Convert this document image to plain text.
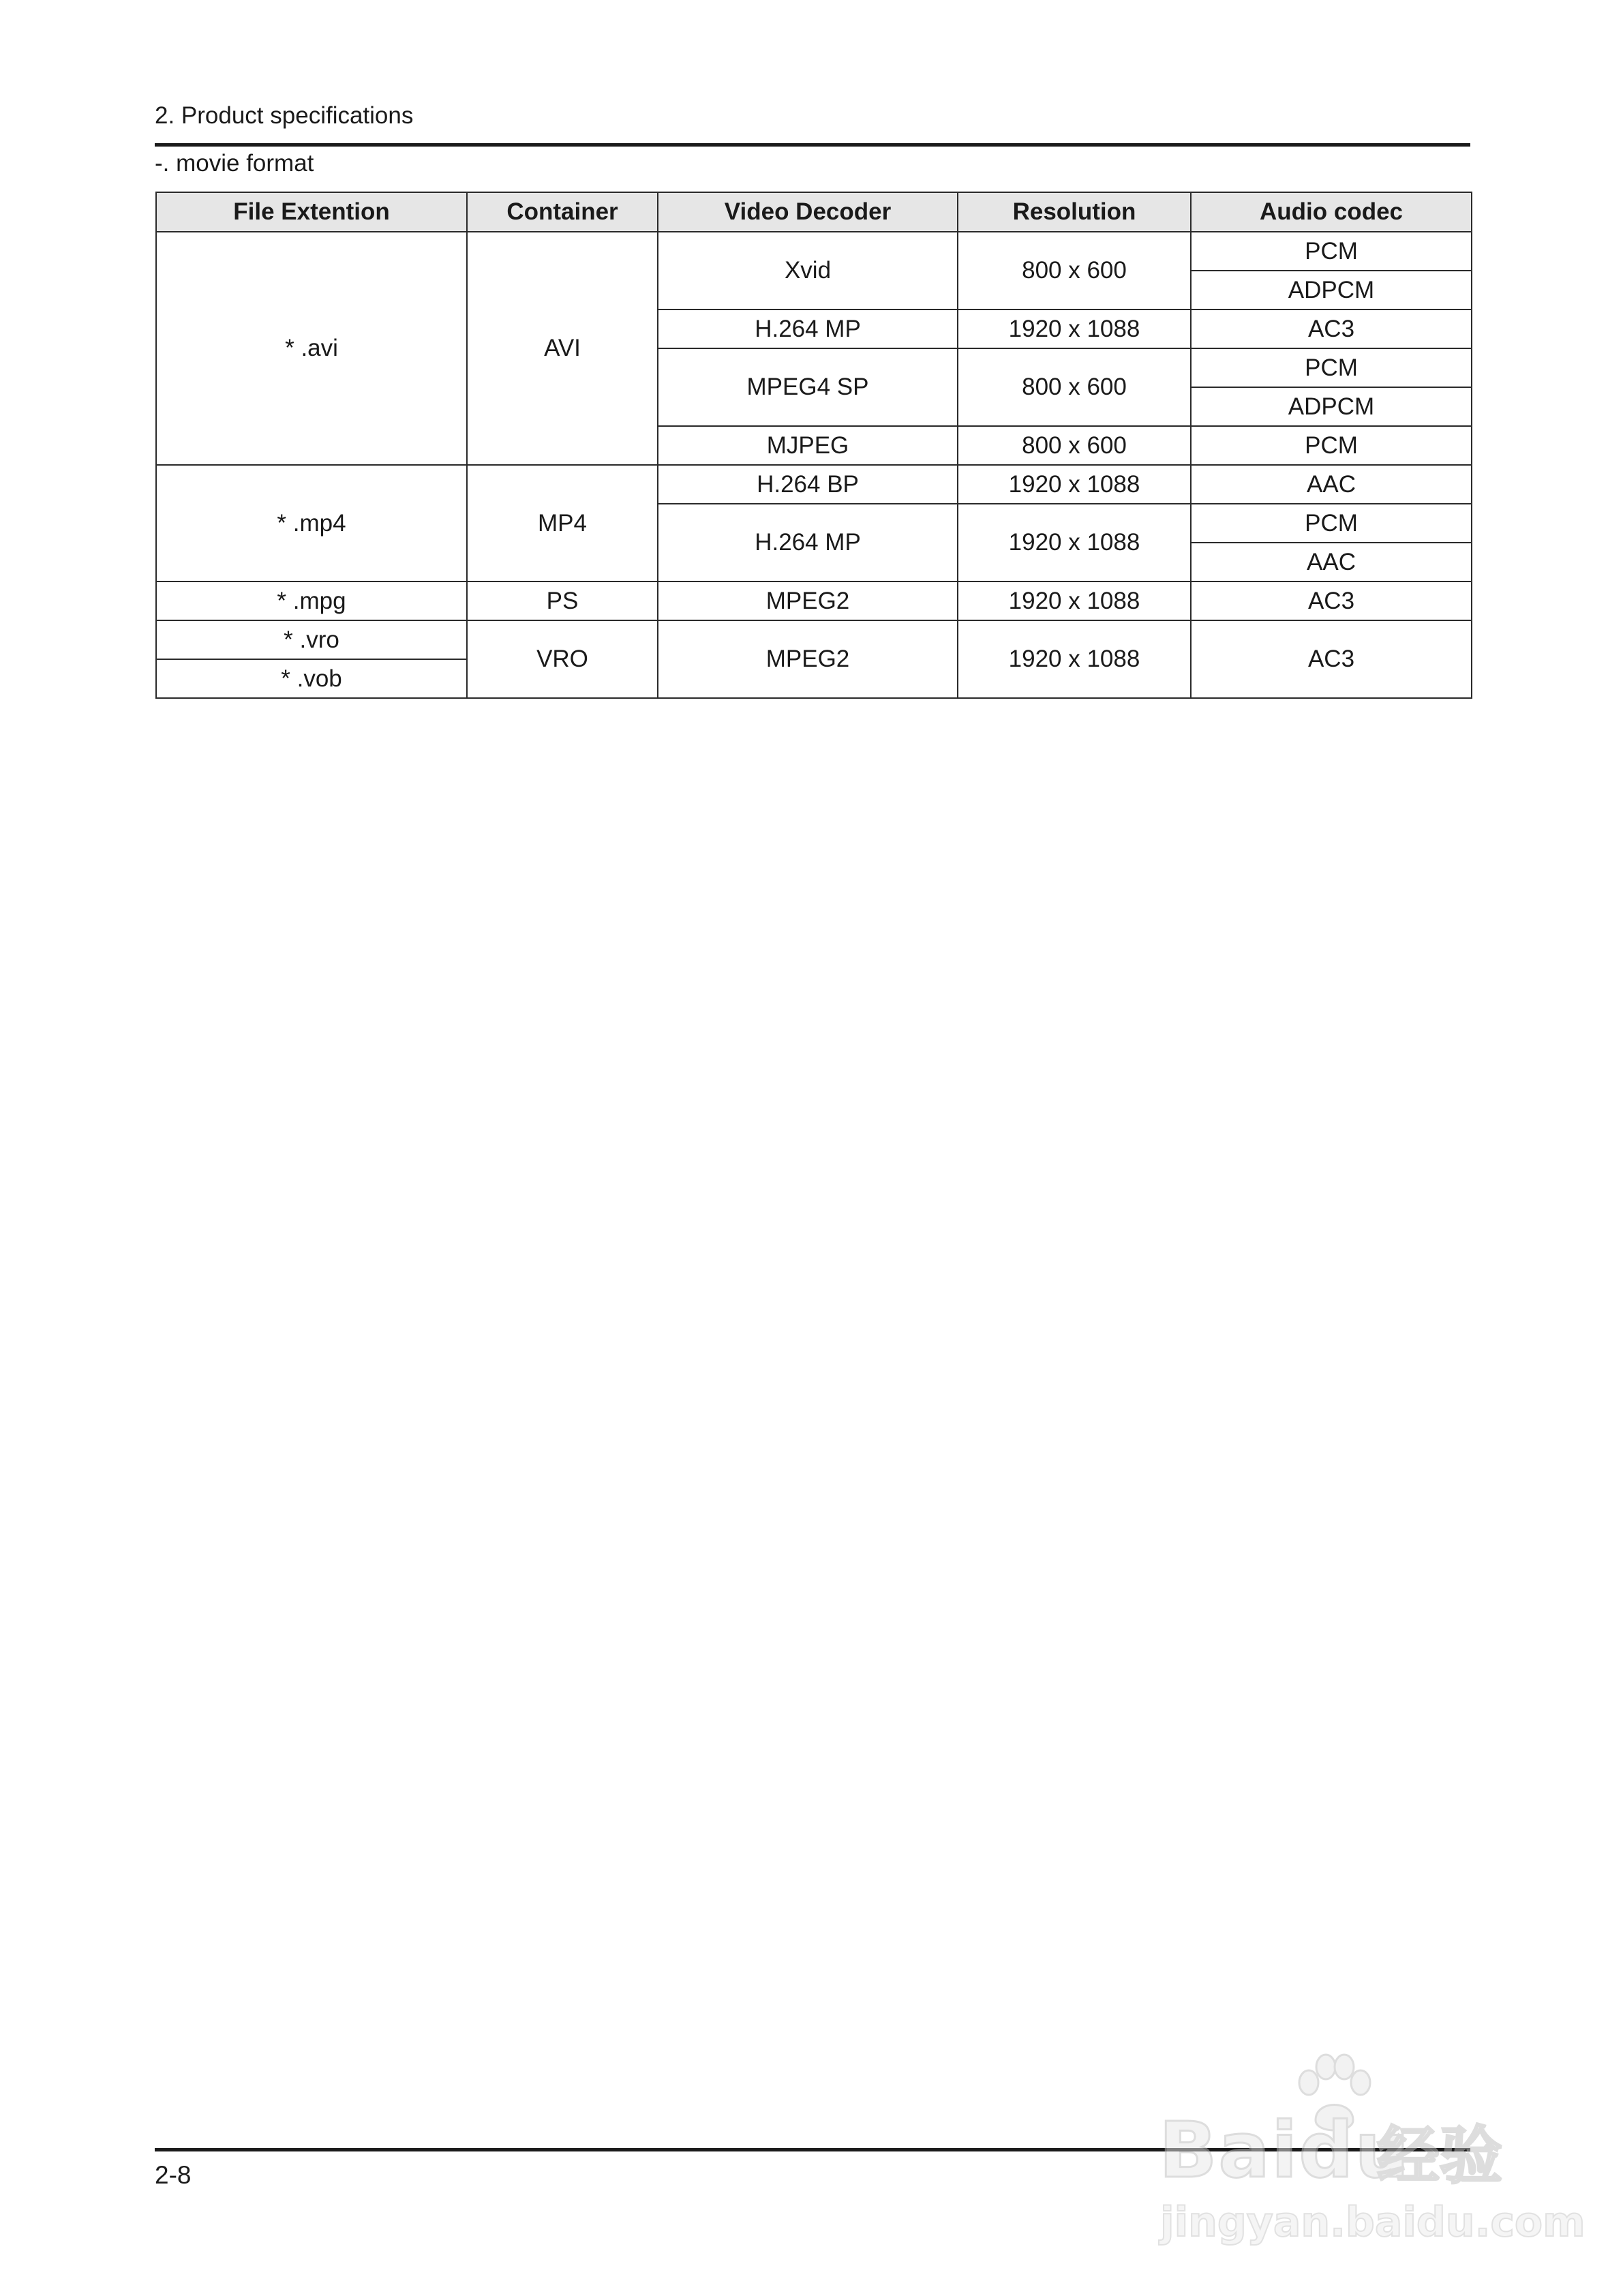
2. Product specifications
-. movie format
File Extention	Container	Video Decoder	Resolution	Audio codec
* .avi	AVI	Xvid	800 x 600	PCM
				ADPCM
		H.264 MP	1920 x 1088	AC3
		MPEG4 SP	800 x 600	PCM
				ADPCM
		MJPEG	800 x 600	PCM
* .mp4	MP4	H.264 BP	1920 x 1088	AAC
		H.264 MP	1920 x 1088	PCM
				AAC
* .mpg	PS	MPEG2	1920 x 1088	AC3
* .vro	VRO	MPEG2	1920 x 1088	AC3
* .vob				
2-8	Baidu
经验
jingyan.baidu.com
